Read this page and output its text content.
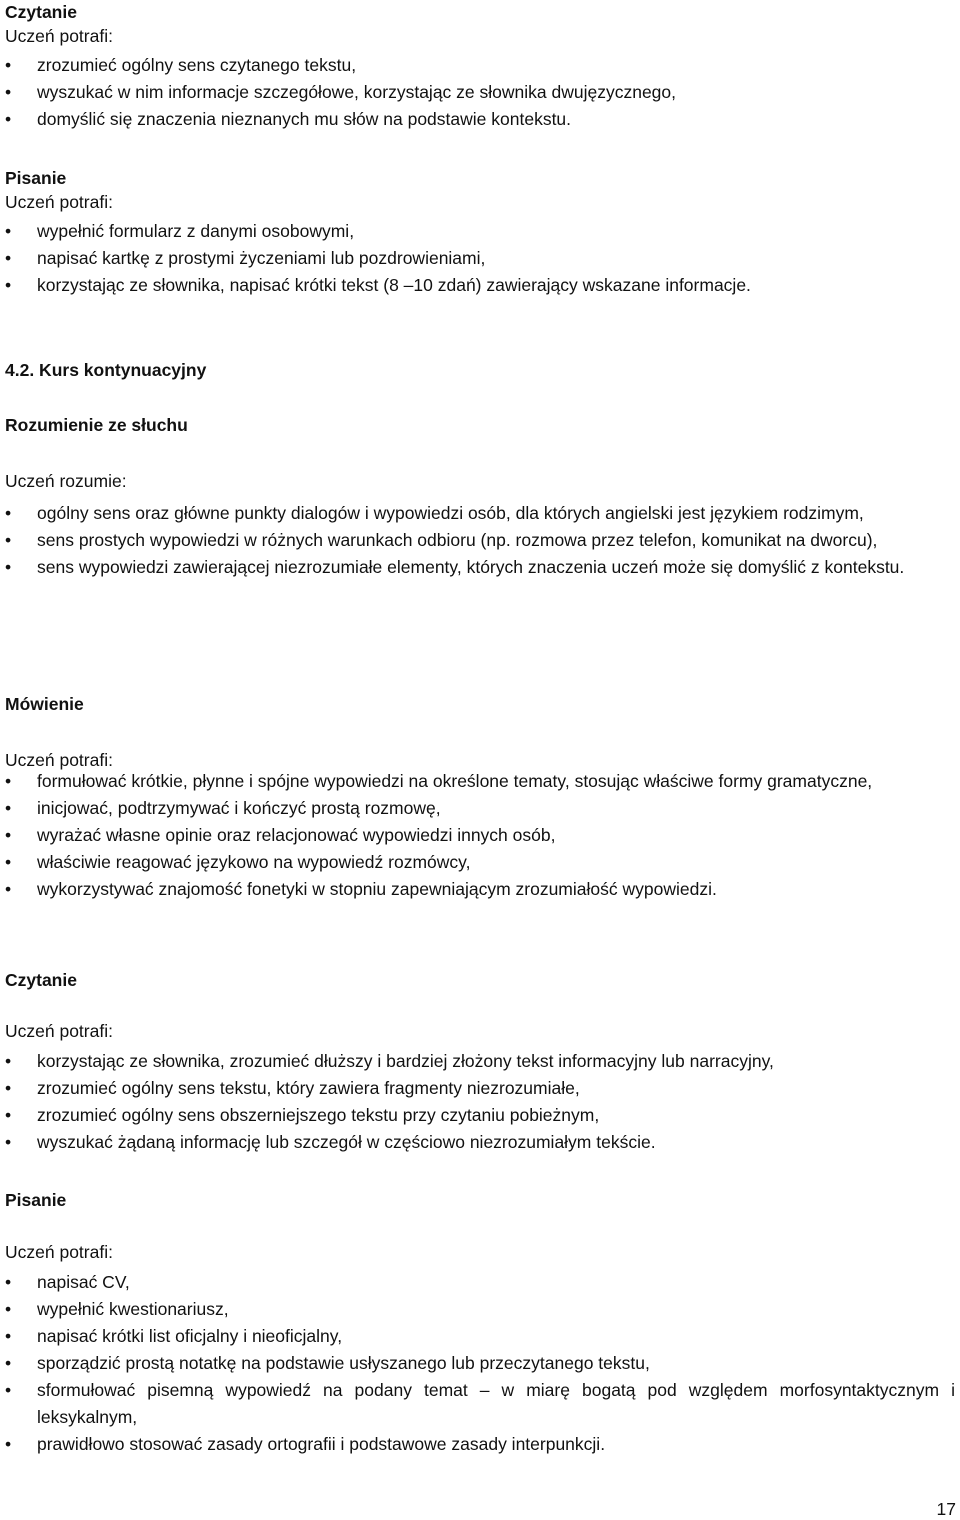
Czytanie
Uczeń potrafi:
• zrozumieć ogólny sens czytanego tekstu,
• wyszukać w nim informacje szczegółowe, korzystając ze słownika dwujęzycznego,
• domyślić się znaczenia nieznanych mu słów na podstawie kontekstu.
Pisanie
Uczeń potrafi:
• wypełnić formularz z danymi osobowymi,
• napisać kartkę z prostymi życzeniami lub pozdrowieniami,
• korzystając ze słownika, napisać krótki tekst (8 –10 zdań) zawierający wskazane informacje.
4.2. Kurs kontynuacyjny
Rozumienie ze słuchu
Uczeń rozumie:
• ogólny sens oraz główne punkty dialogów i wypowiedzi osób, dla których angielski jest językiem rodzimym,
• sens prostych wypowiedzi w różnych warunkach odbioru (np. rozmowa przez telefon, komunikat na dworcu),
• sens wypowiedzi zawierającej niezrozumiałe elementy, których znaczenia uczeń może się domyślić z kontekstu.
Mówienie
Uczeń potrafi:
• formułować krótkie, płynne i spójne wypowiedzi na określone tematy, stosując właściwe formy gramatyczne,
• inicjować, podtrzymywać i kończyć prostą rozmowę,
• wyrażać własne opinie oraz relacjonować wypowiedzi innych osób,
• właściwie reagować językowo na wypowiedź rozmówcy,
• wykorzystywać znajomość fonetyki w stopniu zapewniającym zrozumiałość wypowiedzi.
Czytanie
Uczeń potrafi:
• korzystając ze słownika, zrozumieć dłuższy i bardziej złożony tekst informacyjny lub narracyjny,
• zrozumieć ogólny sens tekstu, który zawiera fragmenty niezrozumiałe,
• zrozumieć ogólny sens obszerniejszego tekstu przy czytaniu pobieżnym,
• wyszukać żądaną informację lub szczegół w częściowo niezrozumiałym tekście.
Pisanie
Uczeń potrafi:
• napisać CV,
• wypełnić kwestionariusz,
• napisać krótki list oficjalny i nieoficjalny,
• sporządzić prostą notatkę na podstawie usłyszanego lub przeczytanego tekstu,
• sformułować pisemną wypowiedź na podany temat – w miarę bogatą pod względem morfosyntaktycznym i leksykalnym,
• prawidłowo stosować zasady ortografii i podstawowe zasady interpunkcji.
17
